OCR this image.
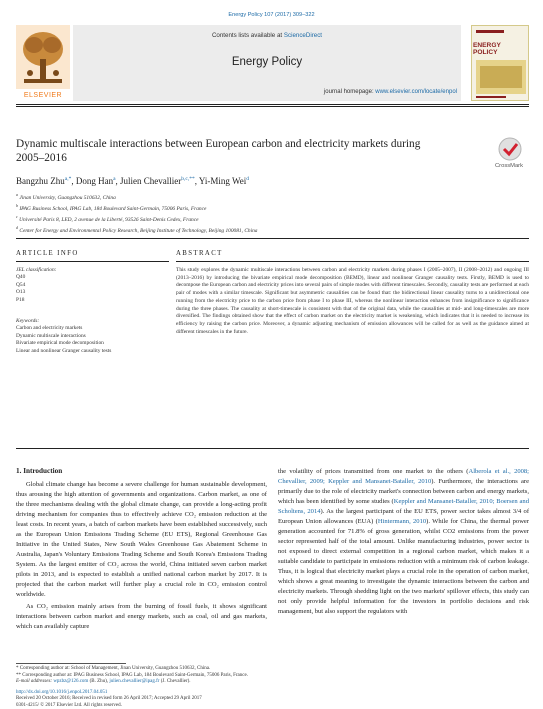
Energy Policy 107 (2017) 309–322
Contents lists available at ScienceDirect
Energy Policy
journal homepage: www.elsevier.com/locate/enpol
ELSEVIER
ENERGY POLICY
Dynamic multiscale interactions between European carbon and electricity markets during 2005–2016
CrossMark
Bangzhu Zhu$^{a,*}$, Dong Han$^a$, Julien Chevallier$^{b,c,**}$, Yi-Ming Wei$^d$
$^a$ Jinan University, Guangzhou 510632, China
$^b$ IPAG Business School, IPAG Lab, 184 Boulevard Saint-Germain, 75006 Paris, France
$^c$ Université Paris 8, LED, 2 avenue de la Liberté, 93526 Saint-Denis Cedex, France
$^d$ Center for Energy and Environmental Policy Research, Beijing Institute of Technology, Beijing 100081, China
ARTICLE INFO
JEL classification:
Q40
Q54
O13
P18
Keywords:
Carbon and electricity markets
Dynamic multiscale interactions
Bivariate empirical mode decomposition
Linear and nonlinear Granger causality tests
ABSTRACT
This study explores the dynamic multiscale interactions between carbon and electricity markets during phases I (2005–2007), II (2008–2012) and ongoing III (2013–2016) by introducing the bivariate empirical mode decomposition (BEMD), linear and nonlinear Granger causality tests. Firstly, BEMD is used to decompose the European carbon and electricity prices into several pairs of simple modes with different timescales. Secondly, causality tests are performed at each pair of modes with a similar timescale. Significant but asymmetric causalities can be found that: the bidirectional linear causality turns to a unidirectional one running from the electricity price to the carbon price from phase I to phase III, whereas the nonlinear interaction enhances from insignificance to significance during the three phases. The causality at short-timescale is consistent with that of the original data, while the causalities at mid- and long-timescales are more diversified. The findings obtained show that the effect of carbon market on the electricity market is weakening, which indicates that it is needed to increase its efficiency by raising the carbon price. Moreover, a dynamic adjusting mechanism of emission allowances will be called for as well as the guidance aimed at different timescales in the future.
1. Introduction

Global climate change has become a severe challenge for human sustainable development, thus arousing the high attention of governments and organizations. Carbon market, as one of the three mechanisms dealing with the global climate change, can provide a long-acting profit driving mechanism for companies thus to effectively achieve CO₂ emission reduction at the least costs. In recent years, a batch of carbon markets have been established successively, such as the European Union Emissions Trading Scheme (EU ETS), Regional Greenhouse Gas Initiative in the United States, New South Wales Greenhouse Gas Abatement Scheme in Australia, Japan's Voluntary Emissions Trading Scheme and South Korea's Emissions Trading System. As the largest emitter of CO₂ across the world, China initiated seven carbon market pilots in 2013, and is expected to establish a unified national carbon market by 2017. It is projected that the carbon market will further play a crucial role in CO₂ emission control worldwide.

As CO₂ emission mainly arises from the burning of fossil fuels, it shows significant interactions between carbon market and energy markets, such as coal, oil and gas markets, which can availably capture

the volatility of prices transmitted from one market to the others (Alberola et al., 2008; Chevallier, 2009; Keppler and Mansanet-Bataller, 2010). Furthermore, the interactions are primarily due to the role of electricity market's connection between carbon and energy markets, which has been identified by some studies (Keppler and Mansanet-Bataller, 2010; Boersen and Scholtens, 2014). As the largest participant of the EU ETS, power sector takes almost 3/4 of European Union allowances (EUA) (Hintermann, 2010). While for China, the thermal power generation accounted for 71.8% of gross generation, whilst CO2 emissions from the power sector represented half of the total amount. Unlike manufacturing industries, power sector is not exposed to direct external competition in a regional carbon market, which makes it a suitable candidate to participate in emissions reduction with a minimum risk of carbon leakage. Thus, it is logical that electricity market plays a crucial role in the operation of carbon market, which shows a great meaning to investigate the dynamic interactions between the carbon and electricity markets. Through shedding light on the two markets' spillover effects, this study can not only provide helpful information for the investors in portfolio decisions and risk management, but also support the regulators with
* Corresponding author at: School of Management, Jinan University, Guangzhou 510632, China.
** Corresponding author at: IPAG Business School, IPAG Lab, 184 Boulevard Saint-Germain, 75006 Paris, France.
E-mail addresses: wpzbz@126.com (B. Zhu), julien.chevallier@ipag.fr (J. Chevallier).
http://dx.doi.org/10.1016/j.enpol.2017.04.051
Received 20 October 2016; Received in revised form 26 April 2017; Accepted 29 April 2017
0301-4215/ © 2017 Elsevier Ltd. All rights reserved.
